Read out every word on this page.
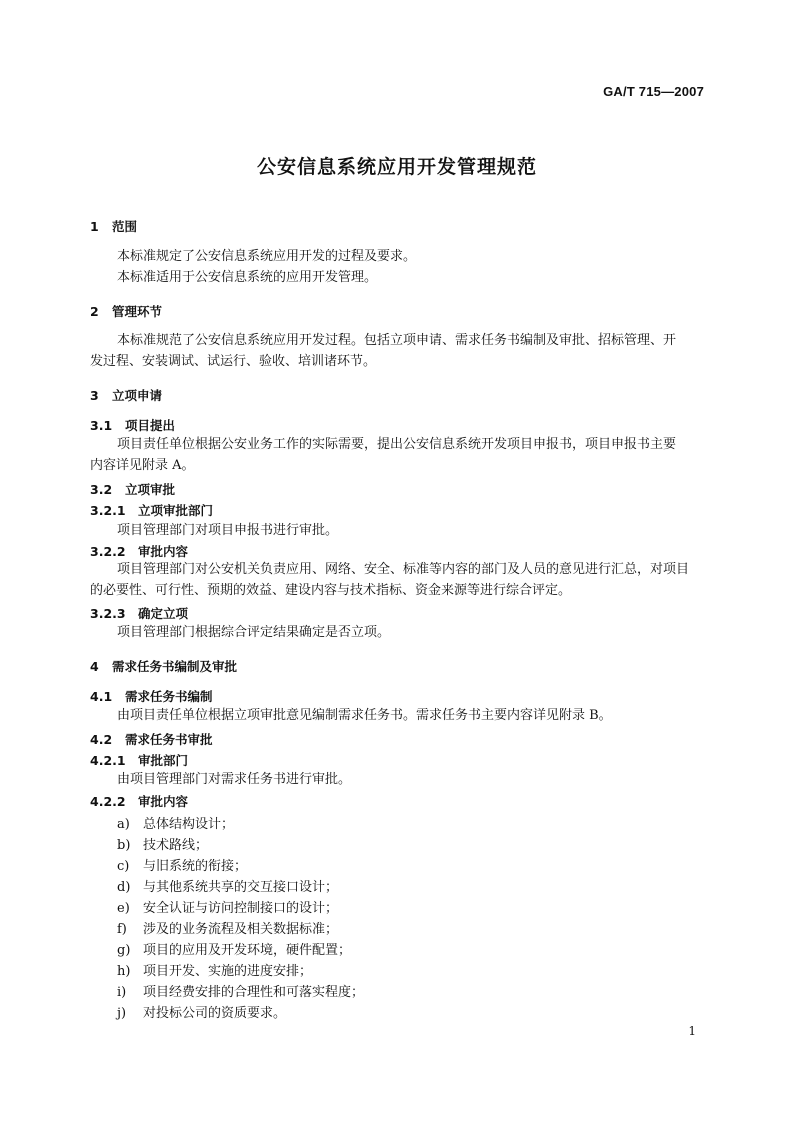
GA/T 715—2007
公安信息系统应用开发管理规范
1 范围
本标准规定了公安信息系统应用开发的过程及要求。
本标准适用于公安信息系统的应用开发管理。
2 管理环节
本标准规范了公安信息系统应用开发过程。包括立项申请、需求任务书编制及审批、招标管理、开
发过程、安装调试、试运行、验收、培训诸环节。
3 立项申请
3.1 项目提出
项目责任单位根据公安业务工作的实际需要，提出公安信息系统开发项目申报书，项目申报书主要
内容详见附录 A。
3.2 立项审批
3.2.1 立项审批部门
项目管理部门对项目申报书进行审批。
3.2.2 审批内容
项目管理部门对公安机关负责应用、网络、安全、标准等内容的部门及人员的意见进行汇总，对项目
的必要性、可行性、预期的效益、建设内容与技术指标、资金来源等进行综合评定。
3.2.3 确定立项
项目管理部门根据综合评定结果确定是否立项。
4 需求任务书编制及审批
4.1 需求任务书编制
由项目责任单位根据立项审批意见编制需求任务书。需求任务书主要内容详见附录 B。
4.2 需求任务书审批
4.2.1 审批部门
由项目管理部门对需求任务书进行审批。
4.2.2 审批内容
a) 总体结构设计；
b) 技术路线；
c) 与旧系统的衔接；
d) 与其他系统共享的交互接口设计；
e) 安全认证与访问控制接口的设计；
f) 涉及的业务流程及相关数据标准；
g) 项目的应用及开发环境，硬件配置；
h) 项目开发、实施的进度安排；
i) 项目经费安排的合理性和可落实程度；
j) 对投标公司的资质要求。
1
